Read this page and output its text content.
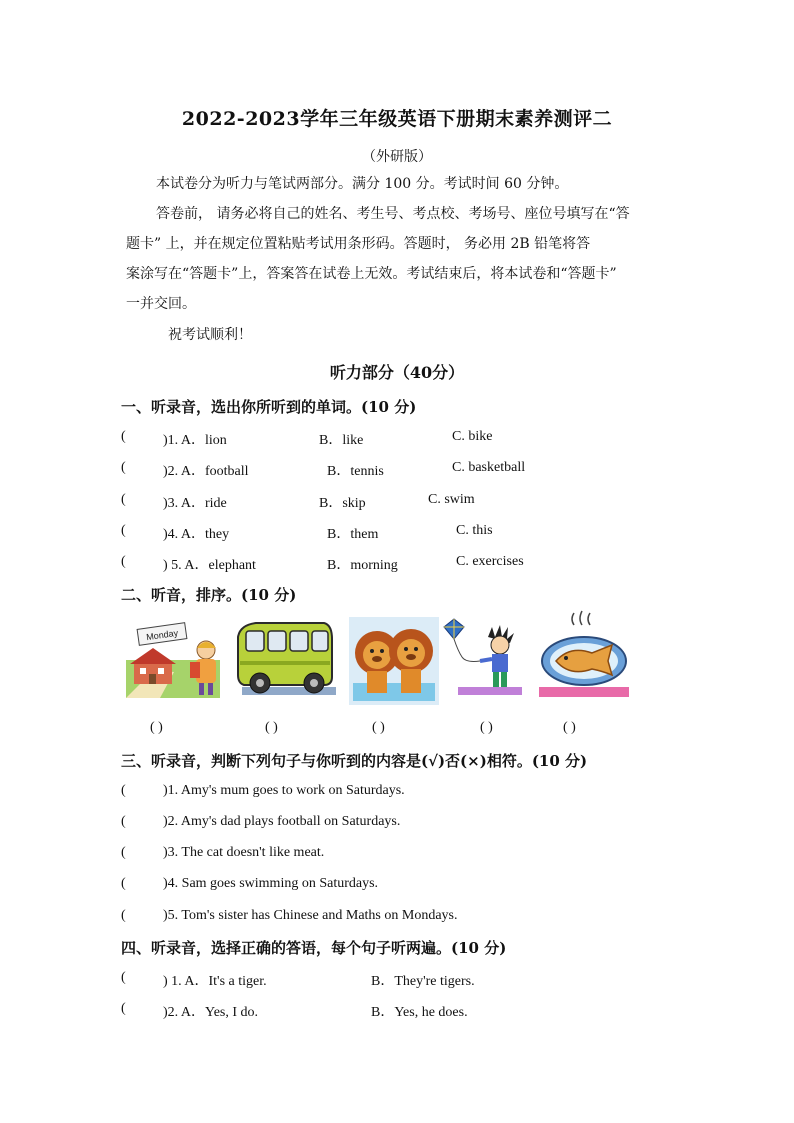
2022-2023学年三年级英语下册期末素养测评二
（外研版）
本试卷分为听力与笔试两部分。满分 100 分。考试时间 60 分钟。
答卷前， 请务必将自己的姓名、考生号、考点校、考场号、座位号填写在“答
题卡” 上，并在规定位置粘贴考试用条形码。答题时， 务必用 2B 铅笔将答
案涂写在“答题卡”上，答案答在试卷上无效。考试结束后，将本试卷和“答题卡”
一并交回。
祝考试顺利！
听力部分（40分）
一、听录音，选出你所听到的单词。(10 分)
(	)1. A．lion	B．like	C. bike
(	)2. A．football	B．tennis	C. basketball
(	)3. A．ride	B．skip	C. swim
(	)4. A．they	B．them	C. this
(	) 5. A．elephant	B．morning	C. exercises
二、听音，排序。(10 分)
Monday
( )	( )	( )	( )	( )
三、听录音，判断下列句子与你听到的内容是(√)否(×)相符。(10 分)
(	)1. Amy's mum goes to work on Saturdays.
(	)2. Amy's dad plays football on Saturdays.
(	)3. The cat doesn't like meat.
(	)4. Sam goes swimming on Saturdays.
(	)5. Tom's sister has Chinese and Maths on Mondays.
四、听录音，选择正确的答语，每个句子听两遍。(10 分)
(	) 1. A．It's a tiger.	B．They're tigers.
(	)2. A．Yes, I do.	B．Yes, he does.
